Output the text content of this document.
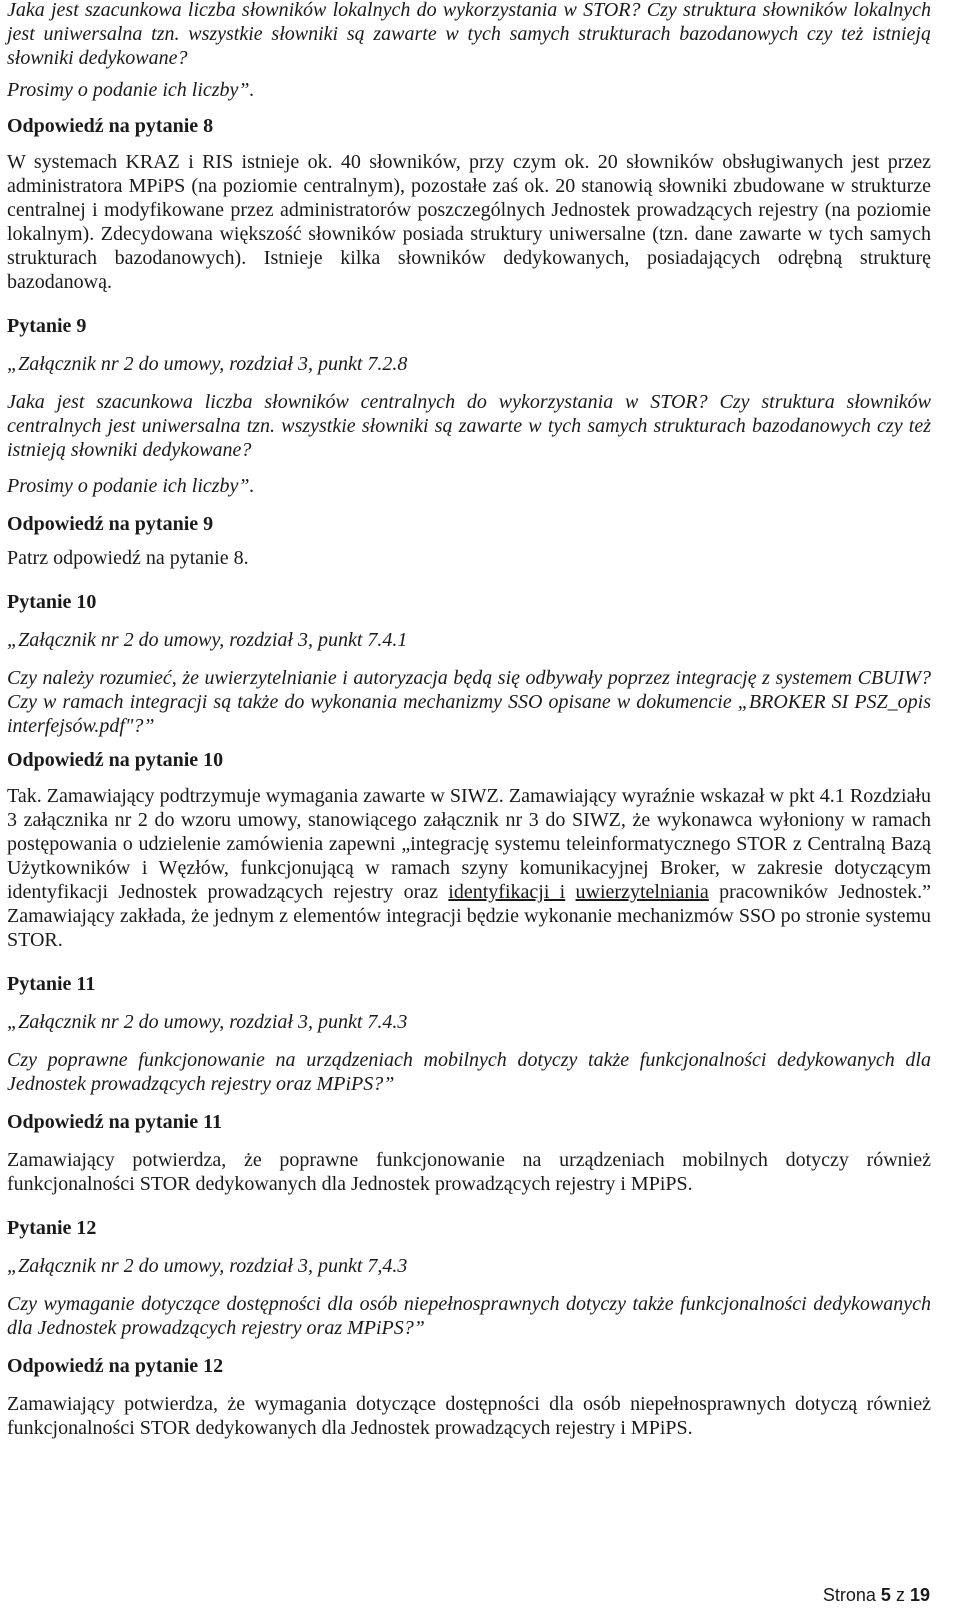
Jaka jest szacunkowa liczba słowników lokalnych do wykorzystania w STOR? Czy struktura słowników lokalnych jest uniwersalna tzn. wszystkie słowniki są zawarte w tych samych strukturach bazodanowych czy też istnieją słowniki dedykowane?

Prosimy o podanie ich liczby”.

Odpowiedź na pytanie 8

W systemach KRAZ i RIS istnieje ok. 40 słowników, przy czym ok. 20 słowników obsługiwanych jest przez administratora MPiPS (na poziomie centralnym), pozostałe zaś ok. 20 stanowią słowniki zbudowane w strukturze centralnej i modyfikowane przez administratorów poszczególnych Jednostek prowadzących rejestry (na poziomie lokalnym). Zdecydowana większość słowników posiada struktury uniwersalne (tzn. dane zawarte w tych samych strukturach bazodanowych). Istnieje kilka słowników dedykowanych, posiadających odrębną strukturę bazodanową.

Pytanie 9

„Załącznik nr 2 do umowy, rozdział 3, punkt 7.2.8

Jaka jest szacunkowa liczba słowników centralnych do wykorzystania w STOR? Czy struktura słowników centralnych jest uniwersalna tzn. wszystkie słowniki są zawarte w tych samych strukturach bazodanowych czy też istnieją słowniki dedykowane?

Prosimy o podanie ich liczby”.

Odpowiedź na pytanie 9

Patrz odpowiedź na pytanie 8.

Pytanie 10

„Załącznik nr 2 do umowy, rozdział 3, punkt 7.4.1

Czy należy rozumieć, że uwierzytelnianie i autoryzacja będą się odbywały poprzez integrację z systemem CBUIW? Czy w ramach integracji są także do wykonania mechanizmy SSO opisane w dokumencie „BROKER SI PSZ_opis interfejsów.pdf"?”

Odpowiedź na pytanie 10

Tak. Zamawiający podtrzymuje wymagania zawarte w SIWZ. Zamawiający wyraźnie wskazał w pkt 4.1 Rozdziału 3 załącznika nr 2 do wzoru umowy, stanowiącego załącznik nr 3 do SIWZ, że wykonawca wyłoniony w ramach postępowania o udzielenie zamówienia zapewni „integrację systemu teleinformatycznego STOR z Centralną Bazą Użytkowników i Węzłów, funkcjonującą w ramach szyny komunikacyjnej Broker, w zakresie dotyczącym identyfikacji Jednostek prowadzących rejestry oraz identyfikacji i uwierzytelniania pracowników Jednostek.” Zamawiający zakłada, że jednym z elementów integracji będzie wykonanie mechanizmów SSO po stronie systemu STOR.

Pytanie 11

„Załącznik nr 2 do umowy, rozdział 3, punkt 7.4.3

Czy poprawne funkcjonowanie na urządzeniach mobilnych dotyczy także funkcjonalności dedykowanych dla Jednostek prowadzących rejestry oraz MPiPS?”

Odpowiedź na pytanie 11

Zamawiający potwierdza, że poprawne funkcjonowanie na urządzeniach mobilnych dotyczy również funkcjonalności STOR dedykowanych dla Jednostek prowadzących rejestry i MPiPS.

Pytanie 12

„Załącznik nr 2 do umowy, rozdział 3, punkt 7,4.3

Czy wymaganie dotyczące dostępności dla osób niepełnosprawnych dotyczy także funkcjonalności dedykowanych dla Jednostek prowadzących rejestry oraz MPiPS?”

Odpowiedź na pytanie 12

Zamawiający potwierdza, że wymagania dotyczące dostępności dla osób niepełnosprawnych dotyczą również funkcjonalności STOR dedykowanych dla Jednostek prowadzących rejestry i MPiPS.

Strona 5 z 19
